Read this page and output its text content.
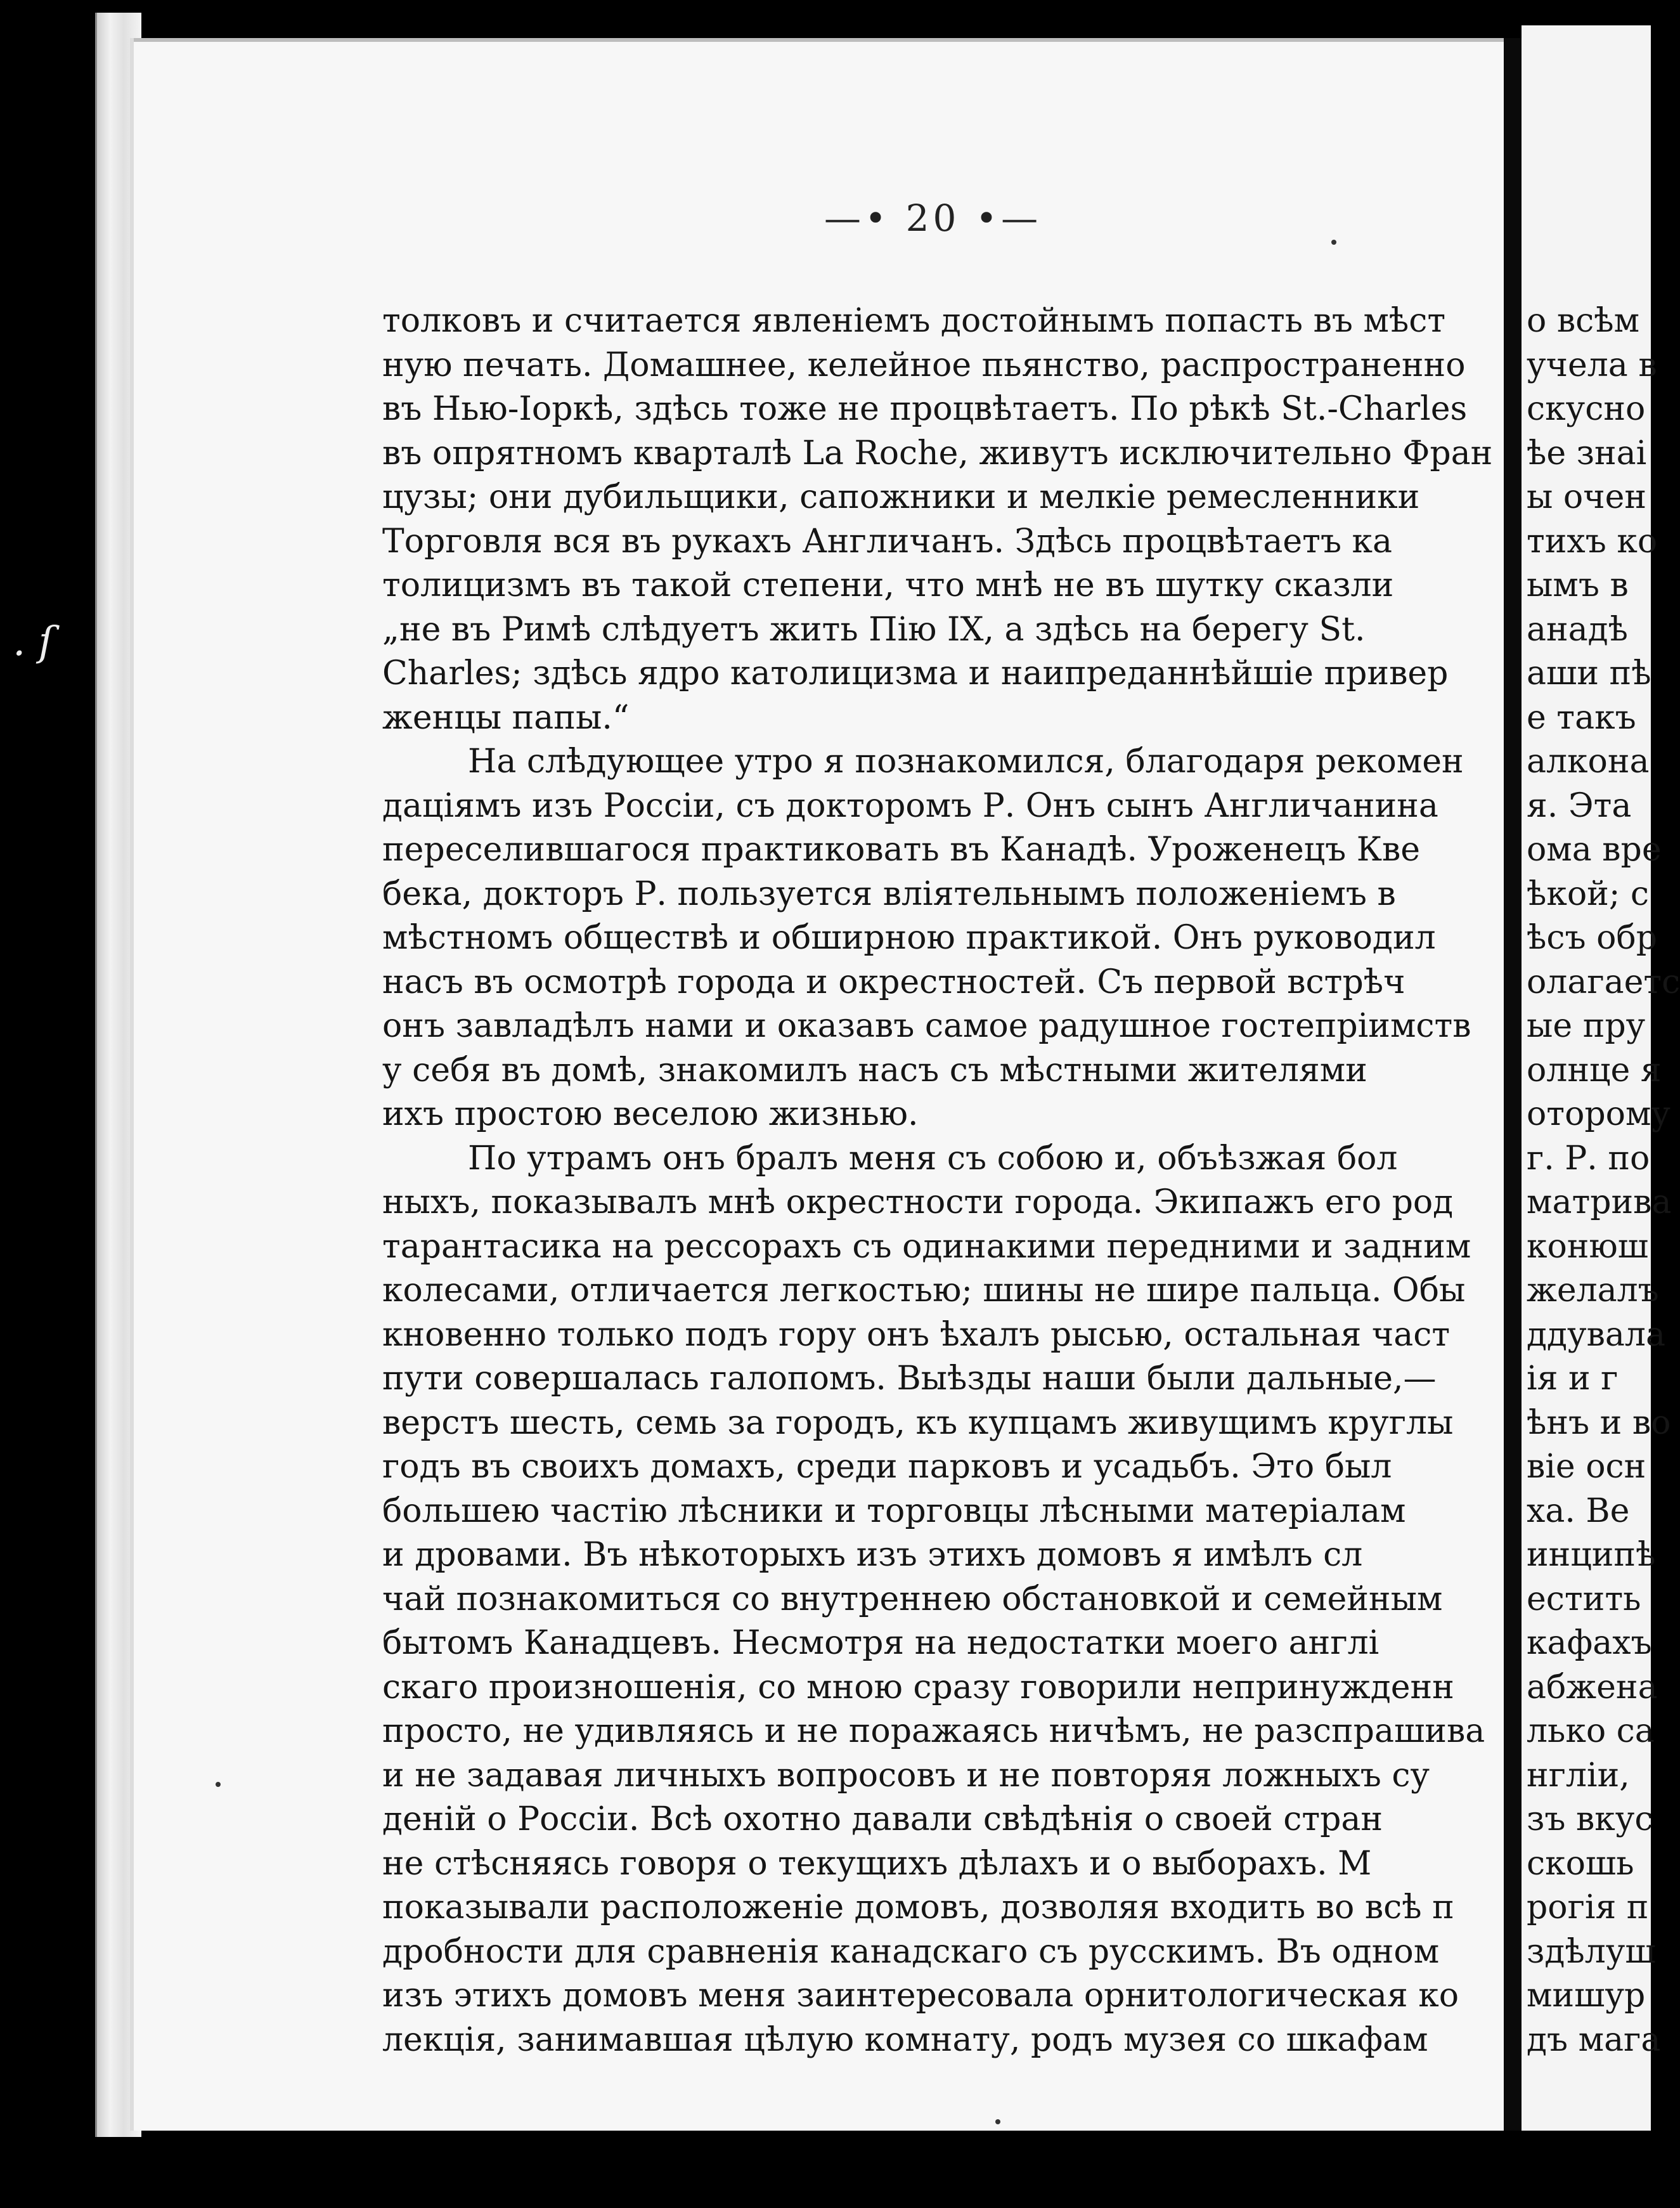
. ſ
—• 20 •—
толковъ и считается явленіемъ достойнымъ попасть въ мѣст
ную печать. Домашнее, келейное пьянство, распространенно
въ Нью-Іоркѣ, здѣсь тоже не процвѣтаетъ. По рѣкѣ St.-Charles
въ опрятномъ кварталѣ La Roche, живутъ исключительно Фран
цузы; они дубильщики, сапожники и мелкіе ремесленники
Торговля вся въ рукахъ Англичанъ. Здѣсь процвѣтаетъ ка
толицизмъ въ такой степени, что мнѣ не въ шутку сказли
„не въ Римѣ слѣдуетъ жить Пію IX, а здѣсь на берегу St.
Charles; здѣсь ядро католицизма и наипреданнѣйшіе привер
женцы папы.“
На слѣдующее утро я познакомился, благодаря рекомен
даціямъ изъ Россіи, съ докторомъ Р. Онъ сынъ Англичанина
переселившагося практиковать въ Канадѣ. Уроженецъ Кве
бека, докторъ Р. пользуется вліятельнымъ положеніемъ в
мѣстномъ обществѣ и обширною практикой. Онъ руководил
насъ въ осмотрѣ города и окрестностей. Съ первой встрѣч
онъ завладѣлъ нами и оказавъ самое радушное гостепріимств
у себя въ домѣ, знакомилъ насъ съ мѣстными жителями
ихъ простою веселою жизнью.
По утрамъ онъ бралъ меня съ собою и, объѣзжая бол
ныхъ, показывалъ мнѣ окрестности города. Экипажъ его род
тарантасика на рессорахъ съ одинакими передними и задним
колесами, отличается легкостью; шины не шире пальца. Обы
кновенно только подъ гору онъ ѣхалъ рысью, остальная част
пути совершалась галопомъ. Выѣзды наши были дальные,—
верстъ шесть, семь за городъ, къ купцамъ живущимъ круглы
годъ въ своихъ домахъ, среди парковъ и усадьбъ. Это был
большею частію лѣсники и торговцы лѣсными матеріалам
и дровами. Въ нѣкоторыхъ изъ этихъ домовъ я имѣлъ сл
чай познакомиться со внутреннею обстановкой и семейным
бытомъ Канадцевъ. Несмотря на недостатки моего англі
скаго произношенія, со мною сразу говорили непринужденн
просто, не удивляясь и не поражаясь ничѣмъ, не разспрашива
и не задавая личныхъ вопросовъ и не повторяя ложныхъ су
деній о Россіи. Всѣ охотно давали свѣдѣнія о своей стран
не стѣсняясь говоря о текущихъ дѣлахъ и о выборахъ. М
показывали расположеніе домовъ, дозволяя входить во всѣ п
дробности для сравненія канадскаго съ русскимъ. Въ одном
изъ этихъ домовъ меня заинтересовала орнитологическая ко
лекція, занимавшая цѣлую комнату, родъ музея со шкафам
о всѣм
учела в
скусно
ѣе знаі
ы очен
тихъ ко
ымъ в
анадѣ
аши пѣ
е такъ
алкона
я. Эта
ома вре
ѣкой; с
ѣсъ обр
олагаетс
ые пру
олнце я
оторому
г. Р. по
матрива
конюш
желалъ
ддувала
ія и г
ѣнъ и во
віе осн
ха. Ве
инципѣ
естить
кафахъ
абжена
лько са
нгліи,
зъ вкус
скошь
рогія п
здѣлуш
мишур
дъ мага
